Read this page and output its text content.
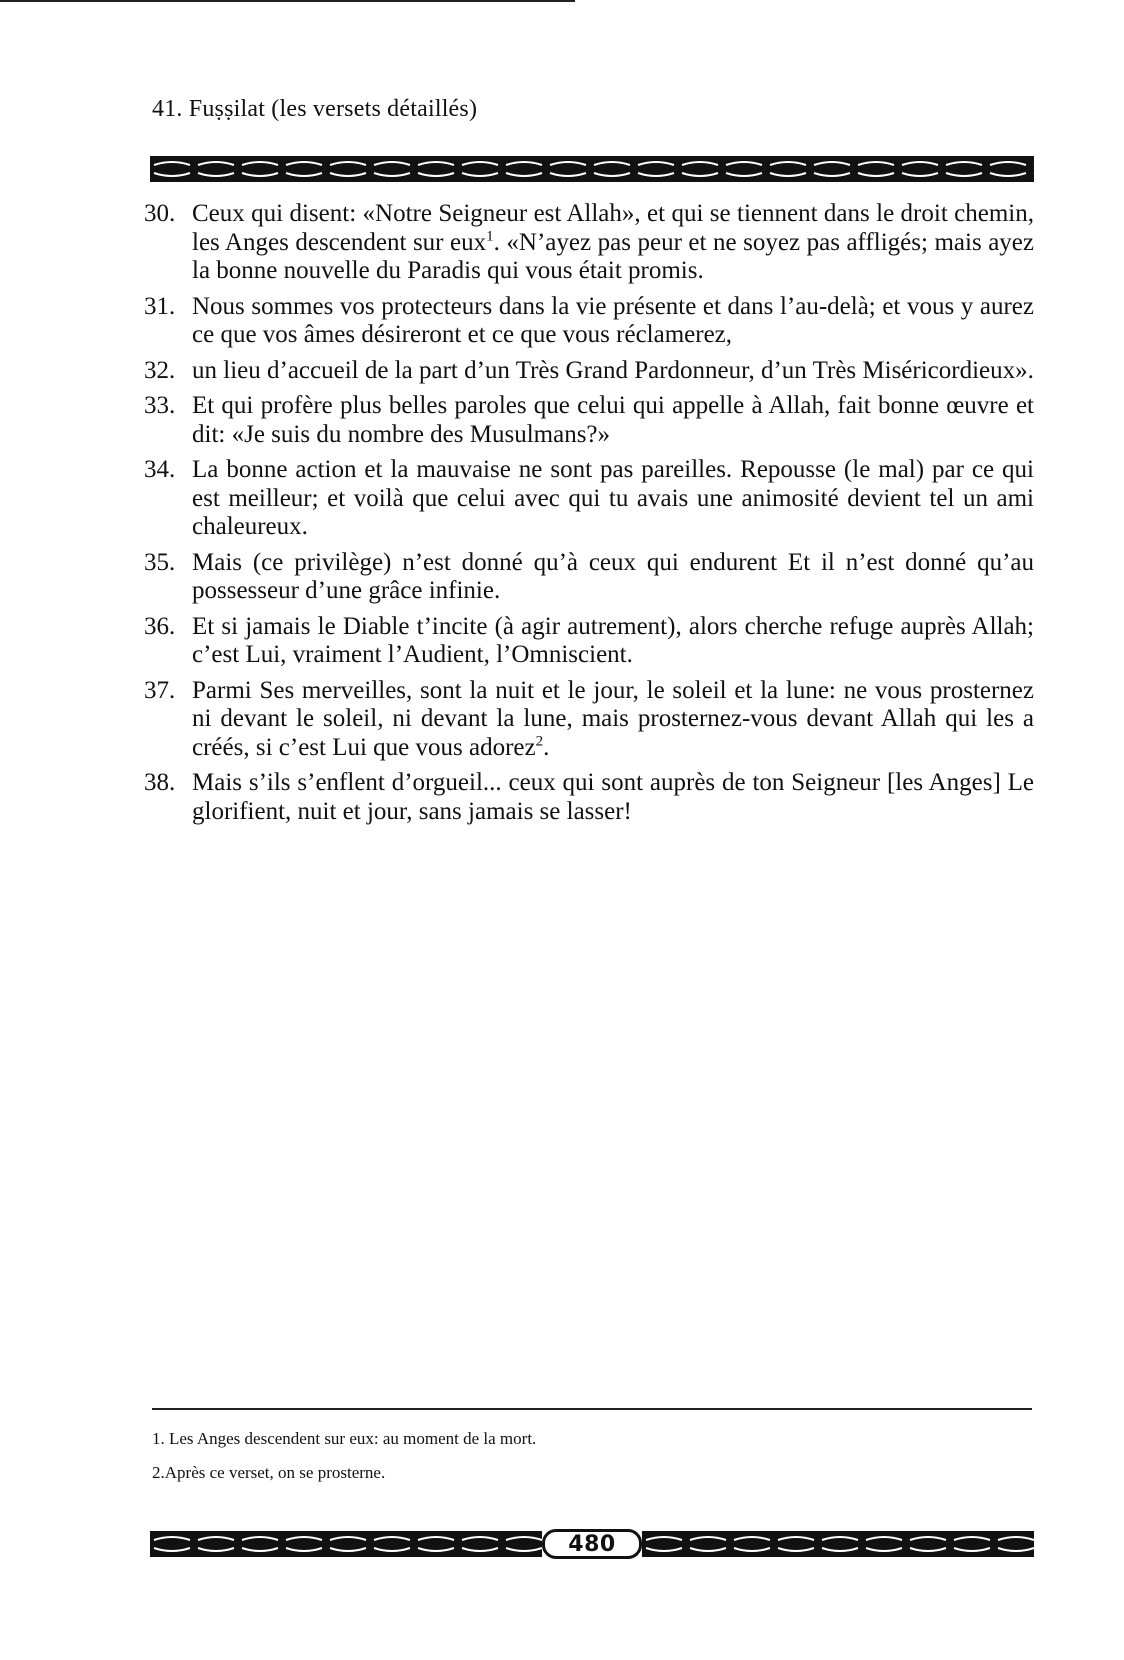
41. Fuṣṣilat (les versets détaillés)
30. Ceux qui disent: «Notre Seigneur est Allah», et qui se tiennent dans le droit chemin, les Anges descendent sur eux$^1$. «N’ayez pas peur et ne soyez pas affligés; mais ayez la bonne nouvelle du Paradis qui vous était promis.
31. Nous sommes vos protecteurs dans la vie présente et dans l’au-delà; et vous y aurez ce que vos âmes désireront et ce que vous réclamerez,
32. un lieu d’accueil de la part d’un Très Grand Pardonneur, d’un Très Miséricordieux».
33. Et qui profère plus belles paroles que celui qui appelle à Allah, fait bonne œuvre et dit: «Je suis du nombre des Musulmans?»
34. La bonne action et la mauvaise ne sont pas pareilles. Repousse (le mal) par ce qui est meilleur; et voilà que celui avec qui tu avais une animosité devient tel un ami chaleureux.
35. Mais (ce privilège) n’est donné qu’à ceux qui endurent Et il n’est donné qu’au possesseur d’une grâce infinie.
36. Et si jamais le Diable t’incite (à agir autrement), alors cherche refuge auprès Allah; c’est Lui, vraiment l’Audient, l’Omniscient.
37. Parmi Ses merveilles, sont la nuit et le jour, le soleil et la lune: ne vous prosternez ni devant le soleil, ni devant la lune, mais prosternez-vous devant Allah qui les a créés, si c’est Lui que vous adorez$^2$.
38. Mais s’ils s’enflent d’orgueil... ceux qui sont auprès de ton Seigneur [les Anges] Le glorifient, nuit et jour, sans jamais se lasser!
1. Les Anges descendent sur eux: au moment de la mort.
2.Après ce verset, on se prosterne.
480
